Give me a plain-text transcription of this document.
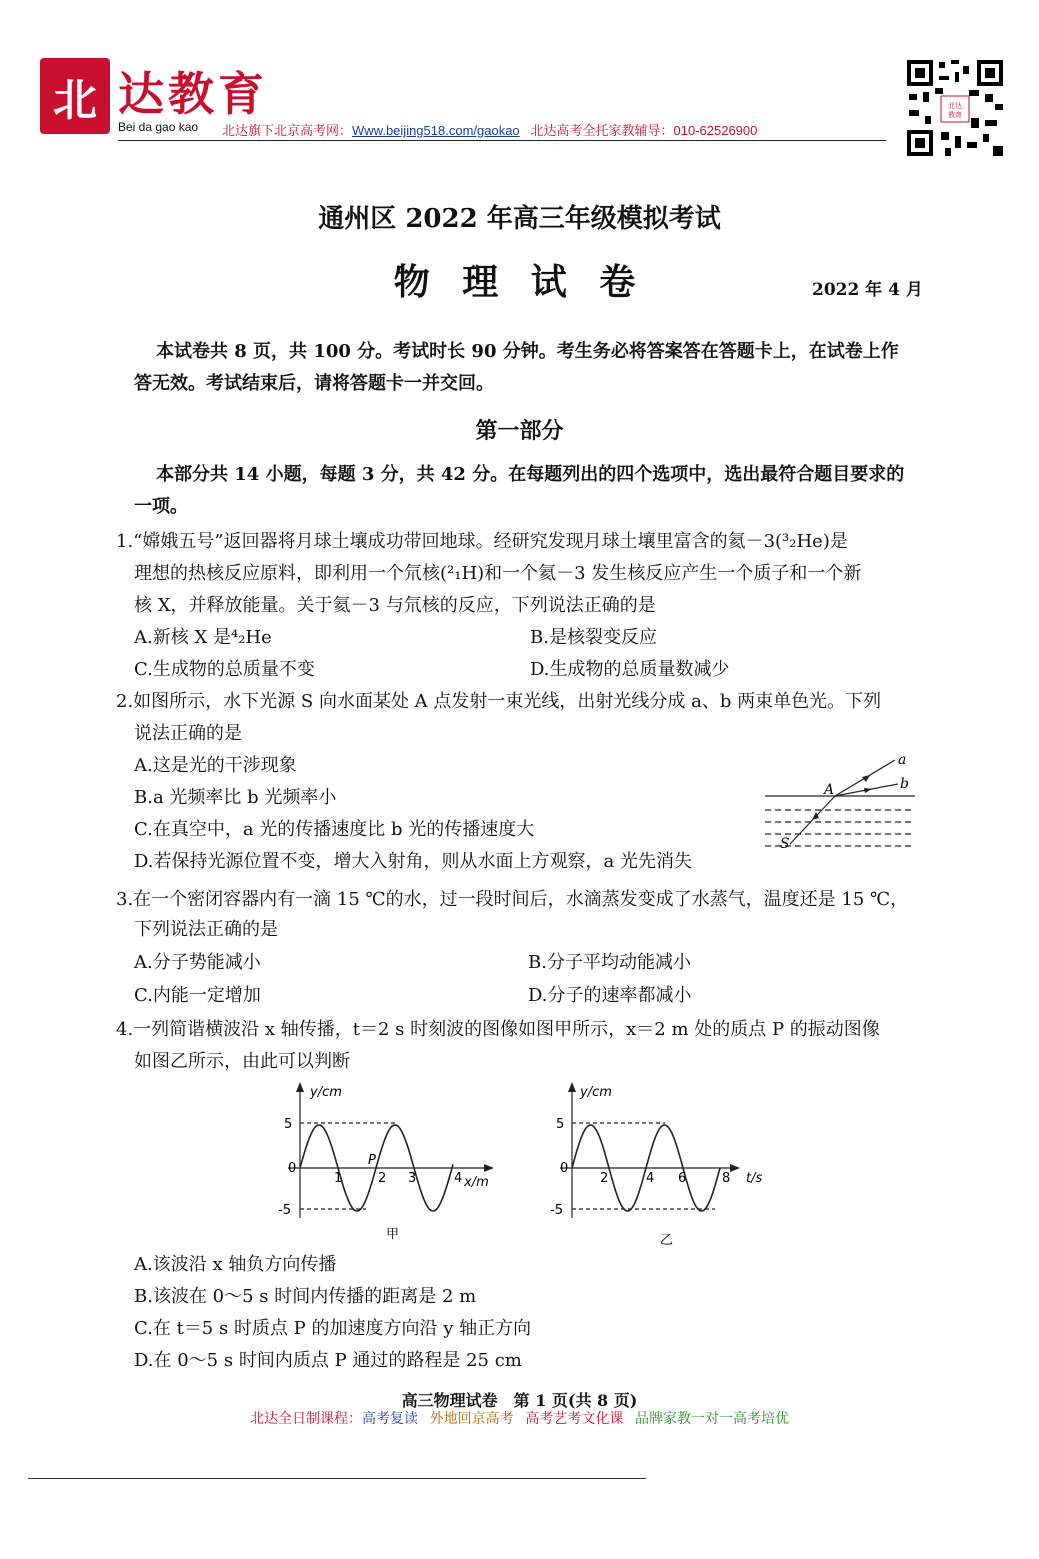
北 达教育
Bei da gao kao 北达旗下北京高考网：Www.beijing518.com/gaokao 北达高考全托家教辅导：010-62526900
北达
教育
通州区 2022 年高三年级模拟考试
物 理 试 卷	2022 年 4 月
本试卷共 8 页，共 100 分。考试时长 90 分钟。考生务必将答案答在答题卡上，在试卷上作
答无效。考试结束后，请将答题卡一并交回。
第一部分
本部分共 14 小题，每题 3 分，共 42 分。在每题列出的四个选项中，选出最符合题目要求的
一项。
1.“嫦娥五号”返回器将月球土壤成功带回地球。经研究发现月球土壤里富含的氦－3(³₂He)是
理想的热核反应原料，即利用一个氘核(²₁H)和一个氦－3 发生核反应产生一个质子和一个新
核 X，并释放能量。关于氦－3 与氘核的反应，下列说法正确的是
A.新核 X 是⁴₂He	B.是核裂变反应
C.生成物的总质量不变	D.生成物的总质量数减少
2.如图所示，水下光源 S 向水面某处 A 点发射一束光线，出射光线分成 a、b 两束单色光。下列
说法正确的是
A.这是光的干涉现象
B.a 光频率比 b 光频率小
C.在真空中，a 光的传播速度比 b 光的传播速度大
D.若保持光源位置不变，增大入射角，则从水面上方观察，a 光先消失
a
b
A
S
3.在一个密闭容器内有一滴 15 ℃的水，过一段时间后，水滴蒸发变成了水蒸气，温度还是 15 ℃，
下列说法正确的是
A.分子势能减小	B.分子平均动能减小
C.内能一定增加	D.分子的速率都减小
4.一列简谐横波沿 x 轴传播，t＝2 s 时刻波的图像如图甲所示，x＝2 m 处的质点 P 的振动图像
如图乙所示，由此可以判断
y/cm
5
0
-5
1	2 3	4
P
x/m
甲
y/cm
5
0
-5
2	4 6	8 t/s
乙
A.该波沿 x 轴负方向传播
B.该波在 0～5 s 时间内传播的距离是 2 m
C.在 t＝5 s 时质点 P 的加速度方向沿 y 轴正方向
D.在 0～5 s 时间内质点 P 通过的路程是 25 cm
高三物理试卷　第 1 页(共 8 页)
北达全日制课程：高考复读 外地回京高考 高考艺考文化课 品牌家教一对一高考培优
